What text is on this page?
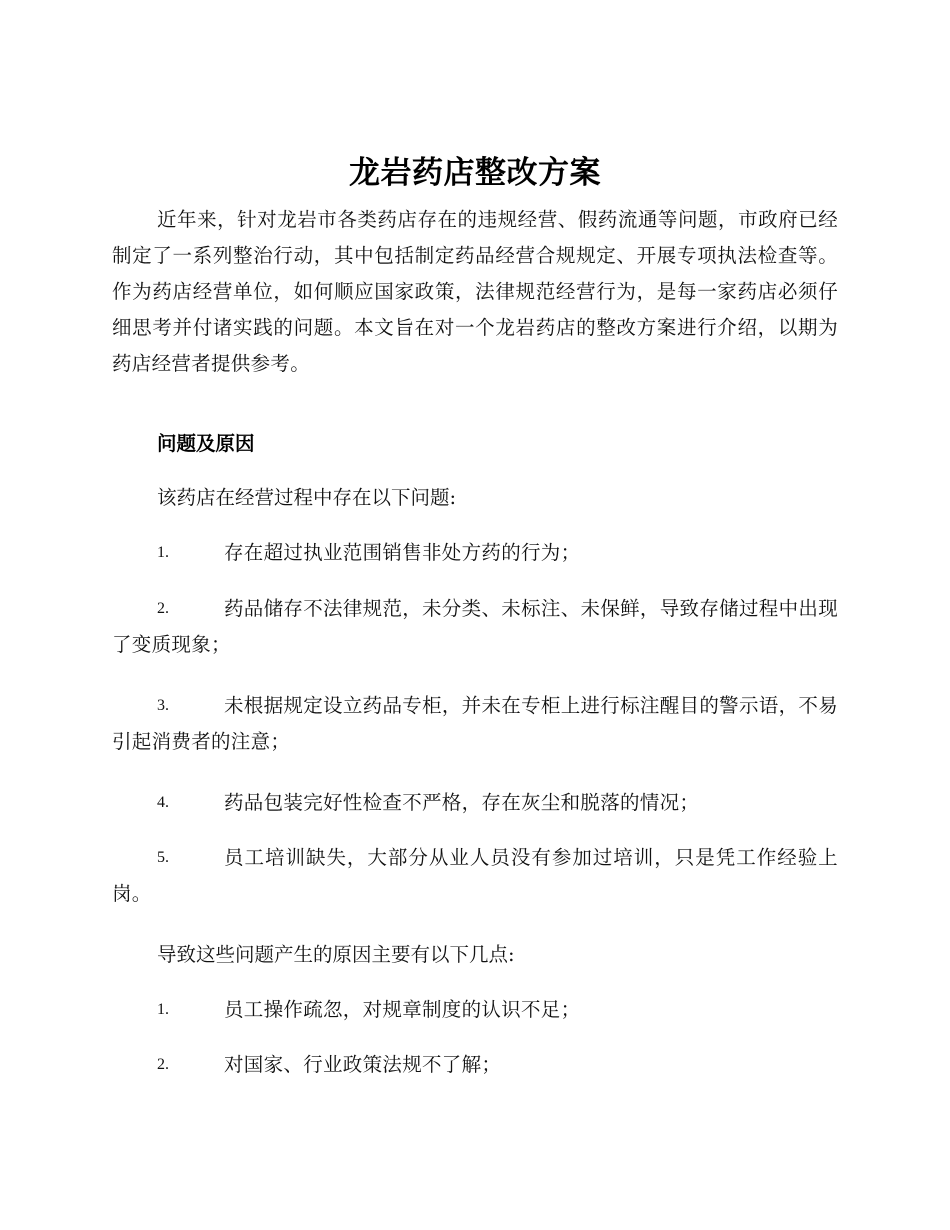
龙岩药店整改方案

近年来，针对龙岩市各类药店存在的违规经营、假药流通等问题，市政府已经制定了一系列整治行动，其中包括制定药品经营合规规定、开展专项执法检查等。作为药店经营单位，如何顺应国家政策，法律规范经营行为，是每一家药店必须仔细思考并付诸实践的问题。本文旨在对一个龙岩药店的整改方案进行介绍，以期为药店经营者提供参考。

问题及原因

该药店在经营过程中存在以下问题:

1.	存在超过执业范围销售非处方药的行为；

2.	药品储存不法律规范，未分类、未标注、未保鲜，导致存储过程中出现了变质现象；

3.	未根据规定设立药品专柜，并未在专柜上进行标注醒目的警示语，不易引起消费者的注意；

4.	药品包装完好性检查不严格，存在灰尘和脱落的情况；

5.	员工培训缺失，大部分从业人员没有参加过培训，只是凭工作经验上岗。

导致这些问题产生的原因主要有以下几点:

1.	员工操作疏忽，对规章制度的认识不足；

2.	对国家、行业政策法规不了解；
